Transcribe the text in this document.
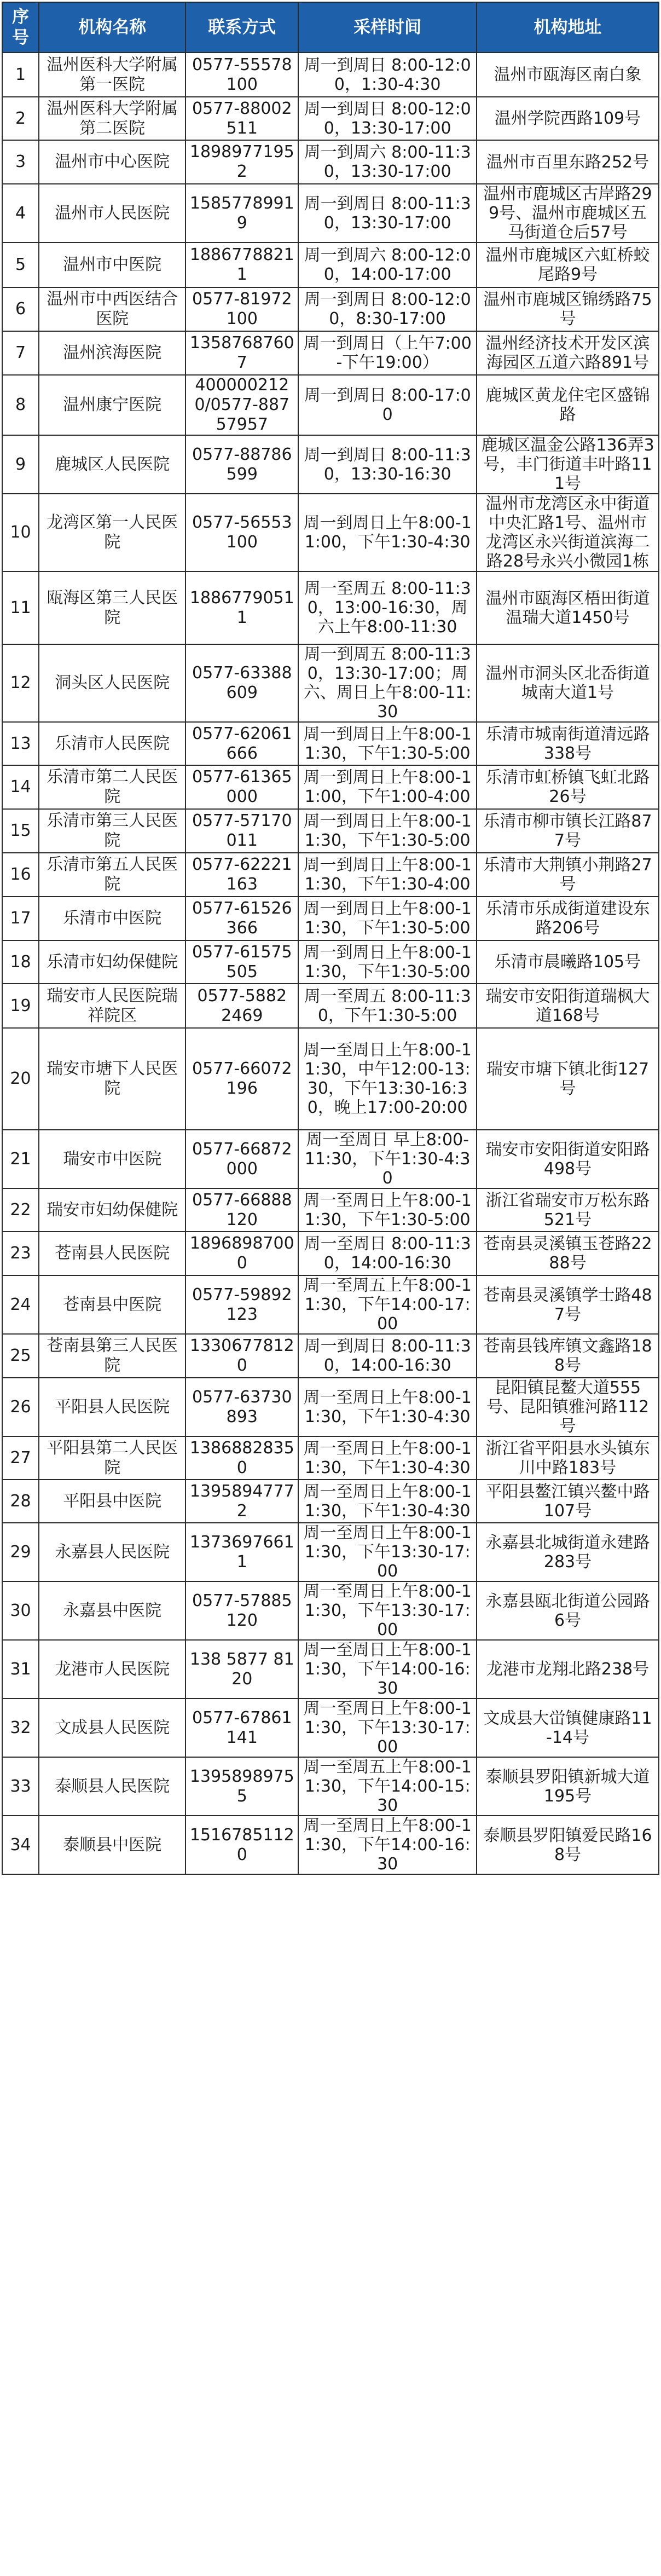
序号	机构名称	联系方式	采样时间	机构地址
1	温州医科大学附属第一医院	0577-55578100	周一到周日 8:00-12:00，1:30-4:30	温州市瓯海区南白象
2	温州医科大学附属第二医院	0577-88002511	周一到周日 8:00-12:00，13:30-17:00	温州学院西路109号
3	温州市中心医院	18989771952	周一到周六 8:00-11:30，13:30-17:00	温州市百里东路252号
4	温州市人民医院	15857789919	周一到周日 8:00-11:30，13:30-17:00	温州市鹿城区古岸路299号、温州市鹿城区五马街道仓后57号
5	温州市中医院	18867788211	周一到周六 8:00-12:00，14:00-17:00	温州市鹿城区六虹桥蛟尾路9号
6	温州市中西医结合医院	0577-81972100	周一到周日 8:00-12:00，8:30-17:00	温州市鹿城区锦绣路75号
7	温州滨海医院	13587687607	周一到周日（上午7:00-下午19:00）	温州经济技术开发区滨海园区五道六路891号
8	温州康宁医院	4000002120/0577-88757957	周一到周日 8:00-17:00	鹿城区黄龙住宅区盛锦路
9	鹿城区人民医院	0577-88786599	周一到周日 8:00-11:30，13:30-16:30	鹿城区温金公路136弄3号，丰门街道丰叶路111号
10	龙湾区第一人民医院	0577-56553100	周一到周日上午8:00-11:00，下午1:30-4:30	温州市龙湾区永中街道中央汇路1号、温州市龙湾区永兴街道滨海二路28号永兴小微园1栋
11	瓯海区第三人民医院	18867790511	周一至周五 8:00-11:30，13:00-16:30，周六上午8:00-11:30	温州市瓯海区梧田街道温瑞大道1450号
12	洞头区人民医院	0577-63388609	周一到周五 8:00-11:30，13:30-17:00；周六、周日上午8:00-11:30	温州市洞头区北岙街道城南大道1号
13	乐清市人民医院	0577-62061666	周一到周日上午8:00-11:30，下午1:30-5:00	乐清市城南街道清远路338号
14	乐清市第二人民医院	0577-61365000	周一到周日上午8:00-11:00，下午1:00-4:00	乐清市虹桥镇飞虹北路26号
15	乐清市第三人民医院	0577-57170011	周一到周日上午8:00-11:30，下午1:30-5:00	乐清市柳市镇长江路877号
16	乐清市第五人民医院	0577-62221163	周一到周日上午8:00-11:30，下午1:30-4:00	乐清市大荆镇小荆路27号
17	乐清市中医院	0577-61526366	周一到周日上午8:00-11:30，下午1:30-5:00	乐清市乐成街道建设东路206号
18	乐清市妇幼保健院	0577-61575505	周一到周日上午8:00-11:30，下午1:30-5:00	乐清市晨曦路105号
19	瑞安市人民医院瑞祥院区	0577-5882 2469	周一至周五 8:00-11:30，下午1:30-5:00	瑞安市安阳街道瑞枫大道168号
20	瑞安市塘下人民医院	0577-66072196	周一至周日上午8:00-11:30，中午12:00-13:30，下午13:30-16:30，晚上17:00-20:00	瑞安市塘下镇北街127号
21	瑞安市中医院	0577-66872000	周一至周日 早上8:00-11:30，下午1:30-4:30	瑞安市安阳街道安阳路498号
22	瑞安市妇幼保健院	0577-66888120	周一至周日上午8:00-11:30，下午1:30-5:00	浙江省瑞安市万松东路521号
23	苍南县人民医院	18968987000	周一至周日 8:00-11:30，14:00-16:30	苍南县灵溪镇玉苍路2288号
24	苍南县中医院	0577-59892123	周一至周五上午8:00-11:30，下午14:00-17:00	苍南县灵溪镇学士路487号
25	苍南县第三人民医院	13306778120	周一到周日 8:00-11:30，14:00-16:30	苍南县钱库镇文鑫路188号
26	平阳县人民医院	0577-63730893	周一至周日上午8:00-11:30，下午1:30-4:30	昆阳镇昆鳌大道555号、昆阳镇雅河路112号
27	平阳县第二人民医院	13868828350	周一至周日上午8:00-11:30，下午1:30-4:30	浙江省平阳县水头镇东川中路183号
28	平阳县中医院	13958947772	周一至周日上午8:00-11:30，下午1:30-4:30	平阳县鳌江镇兴鳌中路107号
29	永嘉县人民医院	13736976611	周一至周日上午8:00-11:30，下午13:30-17:00	永嘉县北城街道永建路283号
30	永嘉县中医院	0577-57885120	周一至周日上午8:00-11:30，下午13:30-17:00	永嘉县瓯北街道公园路6号
31	龙港市人民医院	138 5877 8120	周一至周日上午8:00-11:30，下午14:00-16:30	龙港市龙翔北路238号
32	文成县人民医院	0577-67861141	周一至周日上午8:00-11:30，下午13:30-17:00	文成县大峃镇健康路11-14号
33	泰顺县人民医院	13958989755	周一至周五上午8:00-11:30，下午14:00-15:30	泰顺县罗阳镇新城大道195号
34	泰顺县中医院	15167851120	周一至周日上午8:00-11:30，下午14:00-16:30	泰顺县罗阳镇爱民路168号
